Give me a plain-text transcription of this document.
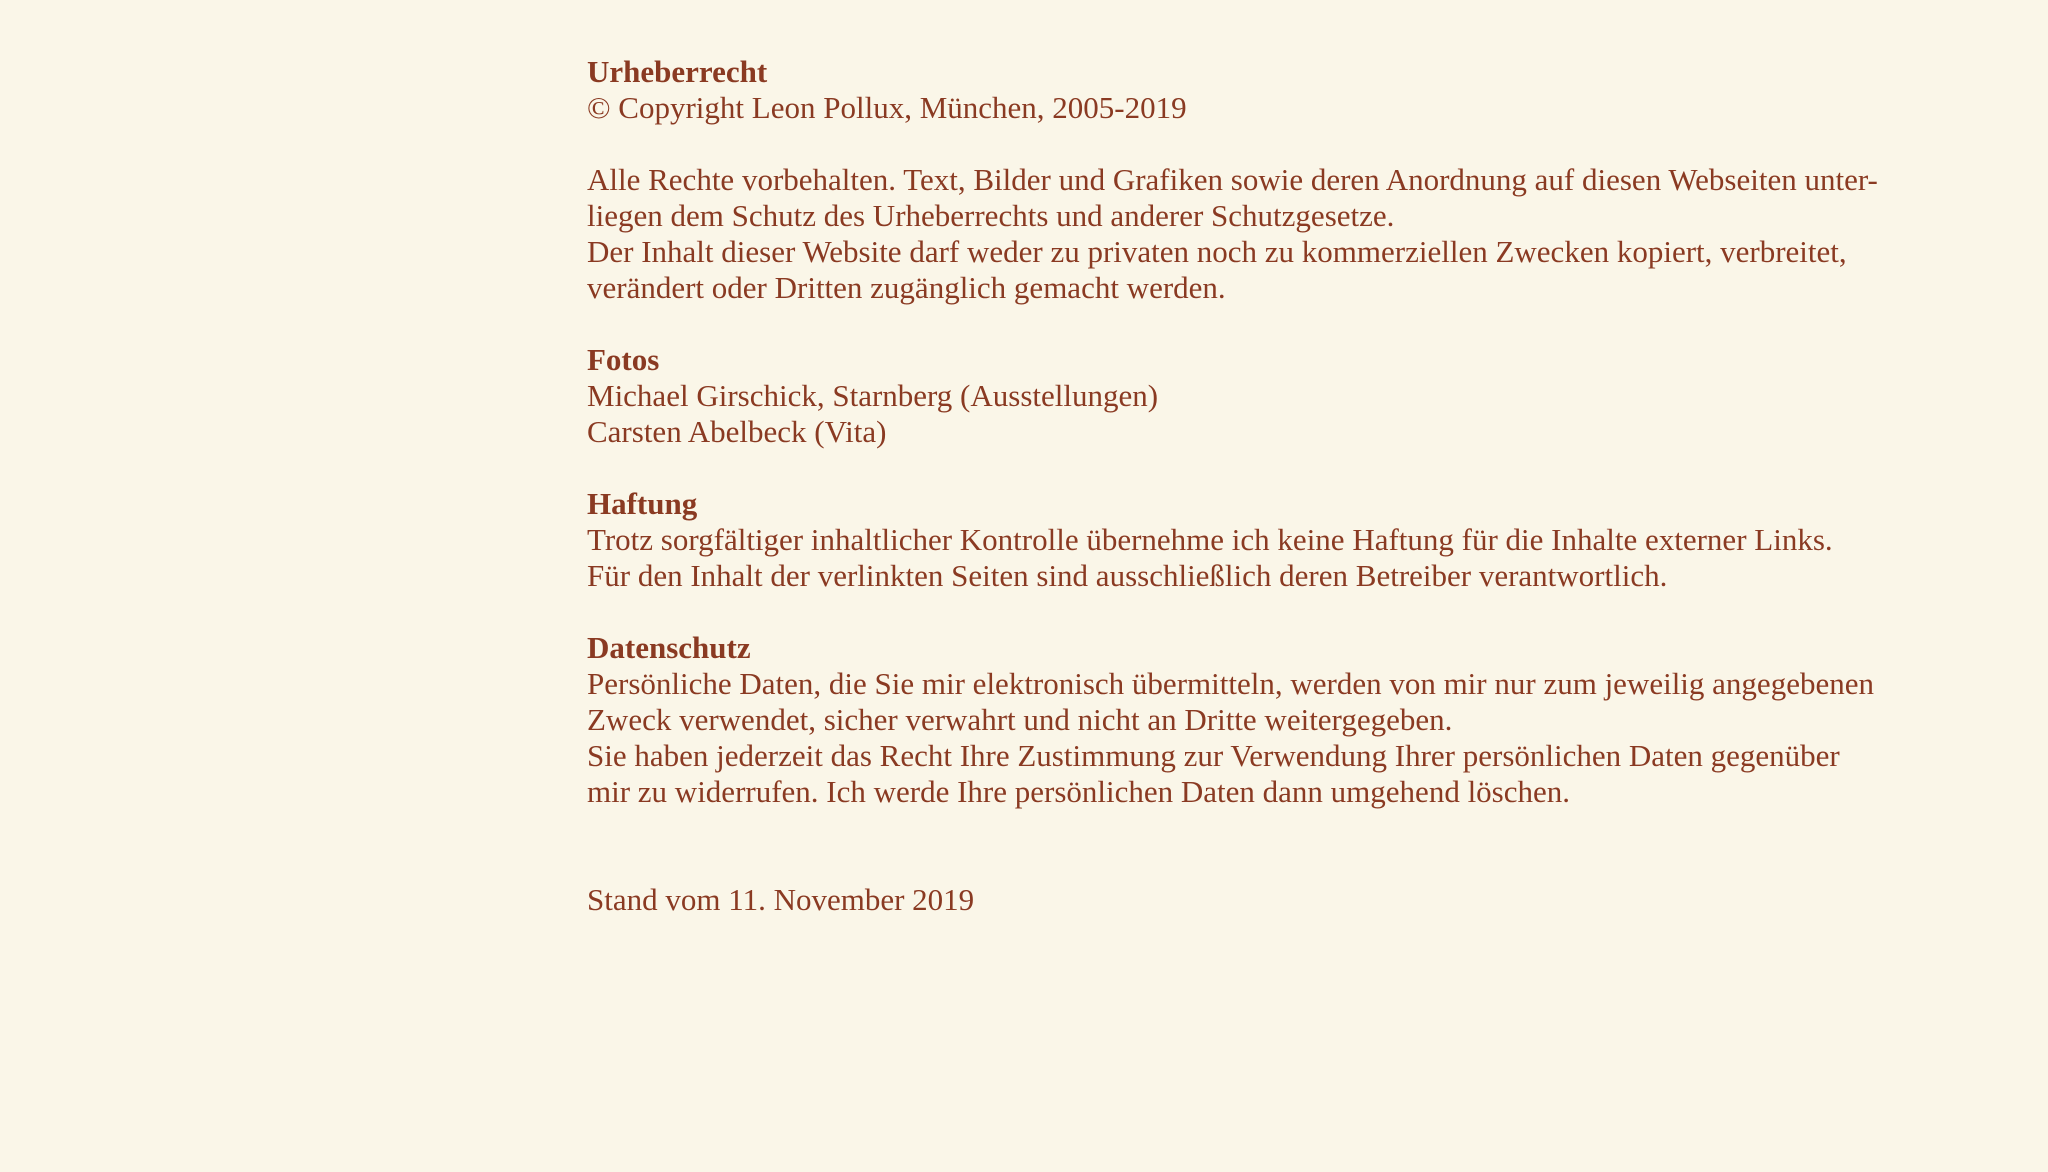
Urheberrecht
© Copyright Leon Pollux, München, 2005-2019
Alle Rechte vorbehalten. Text, Bilder und Grafiken sowie deren Anordnung auf diesen Webseiten unter-
liegen dem Schutz des Urheberrechts und anderer Schutzgesetze.
Der Inhalt dieser Website darf weder zu privaten noch zu kommerziellen Zwecken kopiert, verbreitet,
verändert oder Dritten zugänglich gemacht werden.
Fotos
Michael Girschick, Starnberg (Ausstellungen)
Carsten Abelbeck (Vita)
Haftung
Trotz sorgfältiger inhaltlicher Kontrolle übernehme ich keine Haftung für die Inhalte externer Links.
Für den Inhalt der verlinkten Seiten sind ausschließlich deren Betreiber verantwortlich.
Datenschutz
Persönliche Daten, die Sie mir elektronisch übermitteln, werden von mir nur zum jeweilig angegebenen
Zweck verwendet, sicher verwahrt und nicht an Dritte weitergegeben.
Sie haben jederzeit das Recht Ihre Zustimmung zur Verwendung Ihrer persönlichen Daten gegenüber
mir zu widerrufen. Ich werde Ihre persönlichen Daten dann umgehend löschen.
Stand vom 11. November 2019
